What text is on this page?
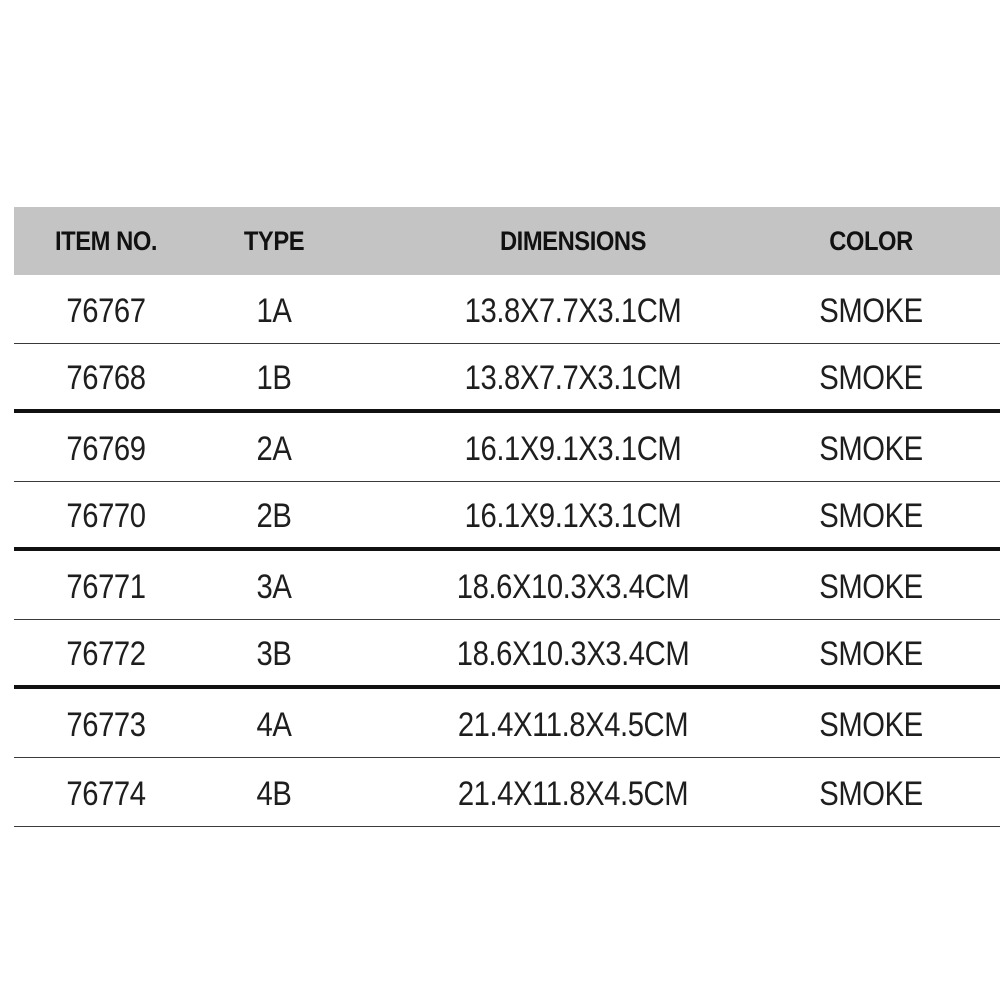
ITEM NO.	TYPE	DIMENSIONS	COLOR
76767	1A	13.8X7.7X3.1CM	SMOKE
76768	1B	13.8X7.7X3.1CM	SMOKE
76769	2A	16.1X9.1X3.1CM	SMOKE
76770	2B	16.1X9.1X3.1CM	SMOKE
76771	3A	18.6X10.3X3.4CM	SMOKE
76772	3B	18.6X10.3X3.4CM	SMOKE
76773	4A	21.4X11.8X4.5CM	SMOKE
76774	4B	21.4X11.8X4.5CM	SMOKE
